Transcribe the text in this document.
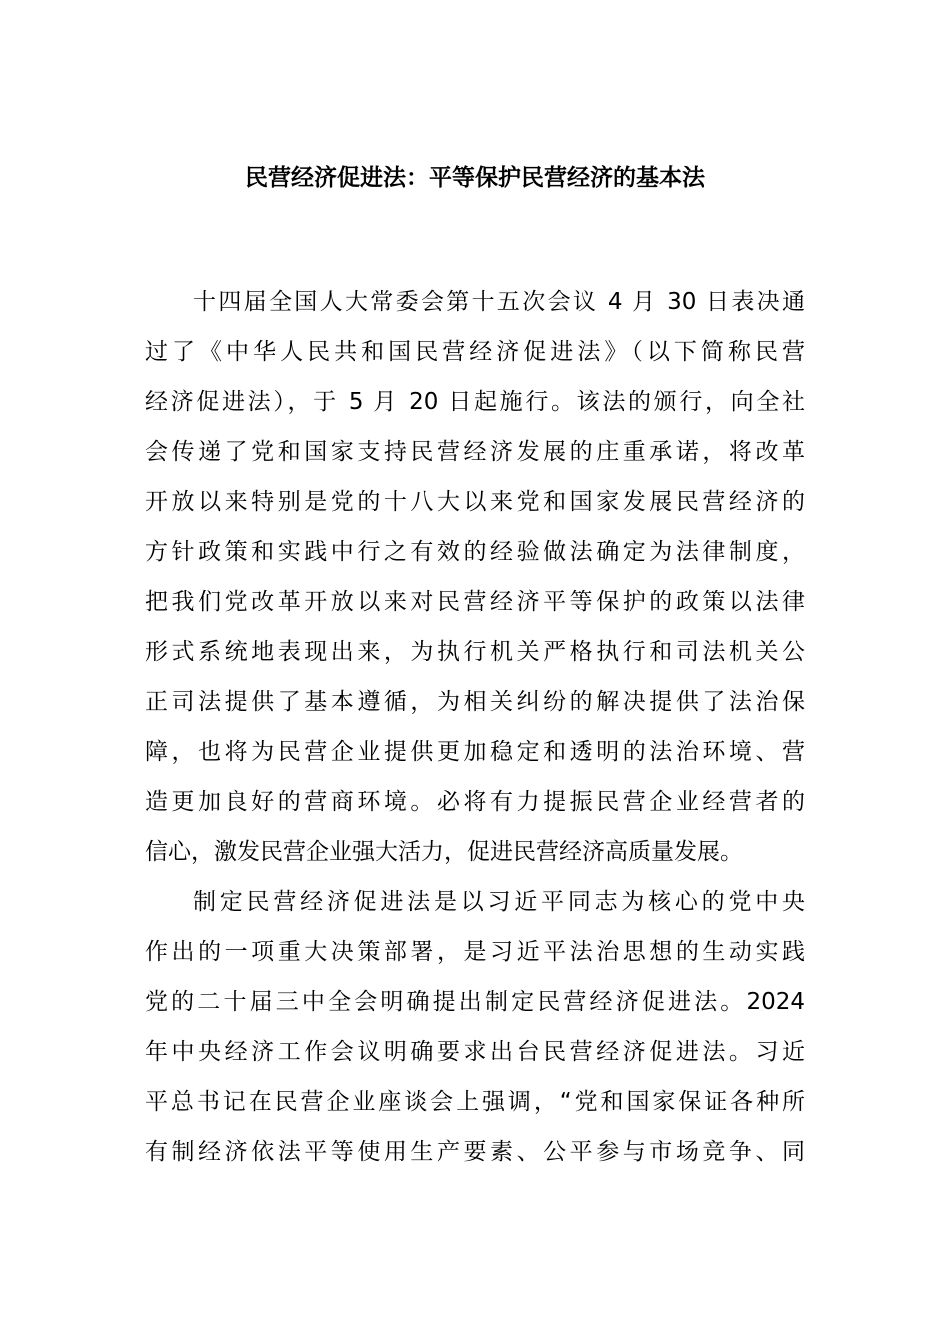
民营经济促进法：平等保护民营经济的基本法
十四届全国人大常委会第十五次会议 4 月 30 日表决通
过了《中华人民共和国民营经济促进法》（以下简称民营
经济促进法），于 5 月 20 日起施行。该法的颁行，向全社
会传递了党和国家支持民营经济发展的庄重承诺，将改革
开放以来特别是党的十八大以来党和国家发展民营经济的
方针政策和实践中行之有效的经验做法确定为法律制度，
把我们党改革开放以来对民营经济平等保护的政策以法律
形式系统地表现出来，为执行机关严格执行和司法机关公
正司法提供了基本遵循，为相关纠纷的解决提供了法治保
障，也将为民营企业提供更加稳定和透明的法治环境、营
造更加良好的营商环境。必将有力提振民营企业经营者的
信心，激发民营企业强大活力，促进民营经济高质量发展。
制定民营经济促进法是以习近平同志为核心的党中央
作出的一项重大决策部署，是习近平法治思想的生动实践
党的二十届三中全会明确提出制定民营经济促进法。2024
年中央经济工作会议明确要求出台民营经济促进法。习近
平总书记在民营企业座谈会上强调，“党和国家保证各种所
有制经济依法平等使用生产要素、公平参与市场竞争、同
